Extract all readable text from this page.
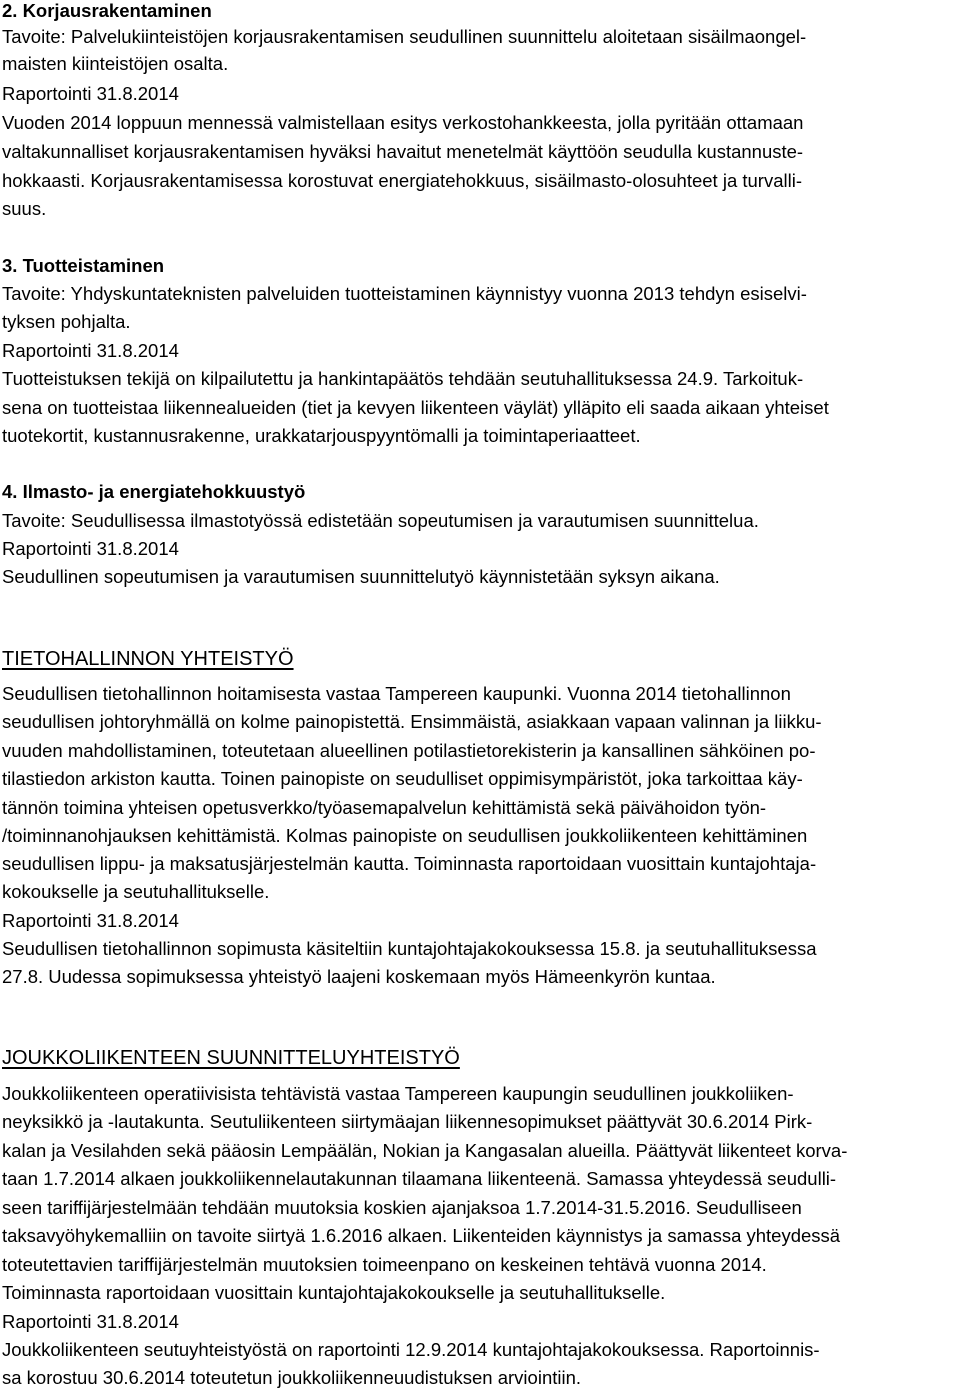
2. Korjausrakentaminen

Tavoite: Palvelukiinteistöjen korjausrakentamisen seudullinen suunnittelu aloitetaan sisäilmaongel-

maisten kiinteistöjen osalta.

Raportointi 31.8.2014

Vuoden 2014 loppuun mennessä valmistellaan esitys verkostohankkeesta, jolla pyritään ottamaan

valtakunnalliset korjausrakentamisen hyväksi havaitut menetelmät käyttöön seudulla kustannuste-

hokkaasti. Korjausrakentamisessa korostuvat energiatehokkuus, sisäilmasto-olosuhteet ja turvalli-

suus.

3. Tuotteistaminen

Tavoite: Yhdyskuntateknisten palveluiden tuotteistaminen käynnistyy vuonna 2013 tehdyn esiselvi-

tyksen pohjalta.

Raportointi 31.8.2014

Tuotteistuksen tekijä on kilpailutettu ja hankintapäätös tehdään seutuhallituksessa 24.9. Tarkoituk-

sena on tuotteistaa liikennealueiden (tiet ja kevyen liikenteen väylät) ylläpito eli saada aikaan yhteiset

tuotekortit, kustannusrakenne, urakkatarjouspyyntömalli ja toimintaperiaatteet.

4. Ilmasto- ja energiatehokkuustyö

Tavoite: Seudullisessa ilmastotyössä edistetään sopeutumisen ja varautumisen suunnittelua.

Raportointi 31.8.2014

Seudullinen sopeutumisen ja varautumisen suunnittelutyö käynnistetään syksyn aikana.

TIETOHALLINNON YHTEISTYÖ

Seudullisen tietohallinnon hoitamisesta vastaa Tampereen kaupunki. Vuonna 2014 tietohallinnon

seudullisen johtoryhmällä on kolme painopistettä. Ensimmäistä, asiakkaan vapaan valinnan ja liikku-

vuuden mahdollistaminen, toteutetaan alueellinen potilastietorekisterin ja kansallinen sähköinen po-

tilastiedon arkiston kautta. Toinen painopiste on seudulliset oppimisympäristöt, joka tarkoittaa käy-

tännön toimina yhteisen opetusverkko/työasemapalvelun kehittämistä sekä päivähoidon työn-

/toiminnanohjauksen kehittämistä. Kolmas painopiste on seudullisen joukkoliikenteen kehittäminen

seudullisen lippu- ja maksatusjärjestelmän kautta. Toiminnasta raportoidaan vuosittain kuntajohtaja-

kokoukselle ja seutuhallitukselle.

Raportointi 31.8.2014

Seudullisen tietohallinnon sopimusta käsiteltiin kuntajohtajakokouksessa 15.8. ja seutuhallituksessa

27.8. Uudessa sopimuksessa yhteistyö laajeni koskemaan myös Hämeenkyrön kuntaa.

JOUKKOLIIKENTEEN SUUNNITTELUYHTEISTYÖ

Joukkoliikenteen operatiivisista tehtävistä vastaa Tampereen kaupungin seudullinen joukkoliiken-

neyksikkö ja -lautakunta. Seutuliikenteen siirtymäajan liikennesopimukset päättyvät 30.6.2014 Pirk-

kalan ja Vesilahden sekä pääosin Lempäälän, Nokian ja Kangasalan alueilla. Päättyvät liikenteet korva-

taan 1.7.2014 alkaen joukkoliikennelautakunnan tilaamana liikenteenä. Samassa yhteydessä seudulli-

seen tariffijärjestelmään tehdään muutoksia koskien ajanjaksoa 1.7.2014-31.5.2016. Seudulliseen

taksavyöhykemalliin on tavoite siirtyä 1.6.2016 alkaen. Liikenteiden käynnistys ja samassa yhteydessä

toteutettavien tariffijärjestelmän muutoksien toimeenpano on keskeinen tehtävä vuonna 2014.

Toiminnasta raportoidaan vuosittain kuntajohtajakokoukselle ja seutuhallitukselle.

Raportointi 31.8.2014

Joukkoliikenteen seutuyhteistyöstä on raportointi 12.9.2014 kuntajohtajakokouksessa. Raportoinnis-

sa korostuu 30.6.2014 toteutetun joukkoliikenneuudistuksen arviointiin.
